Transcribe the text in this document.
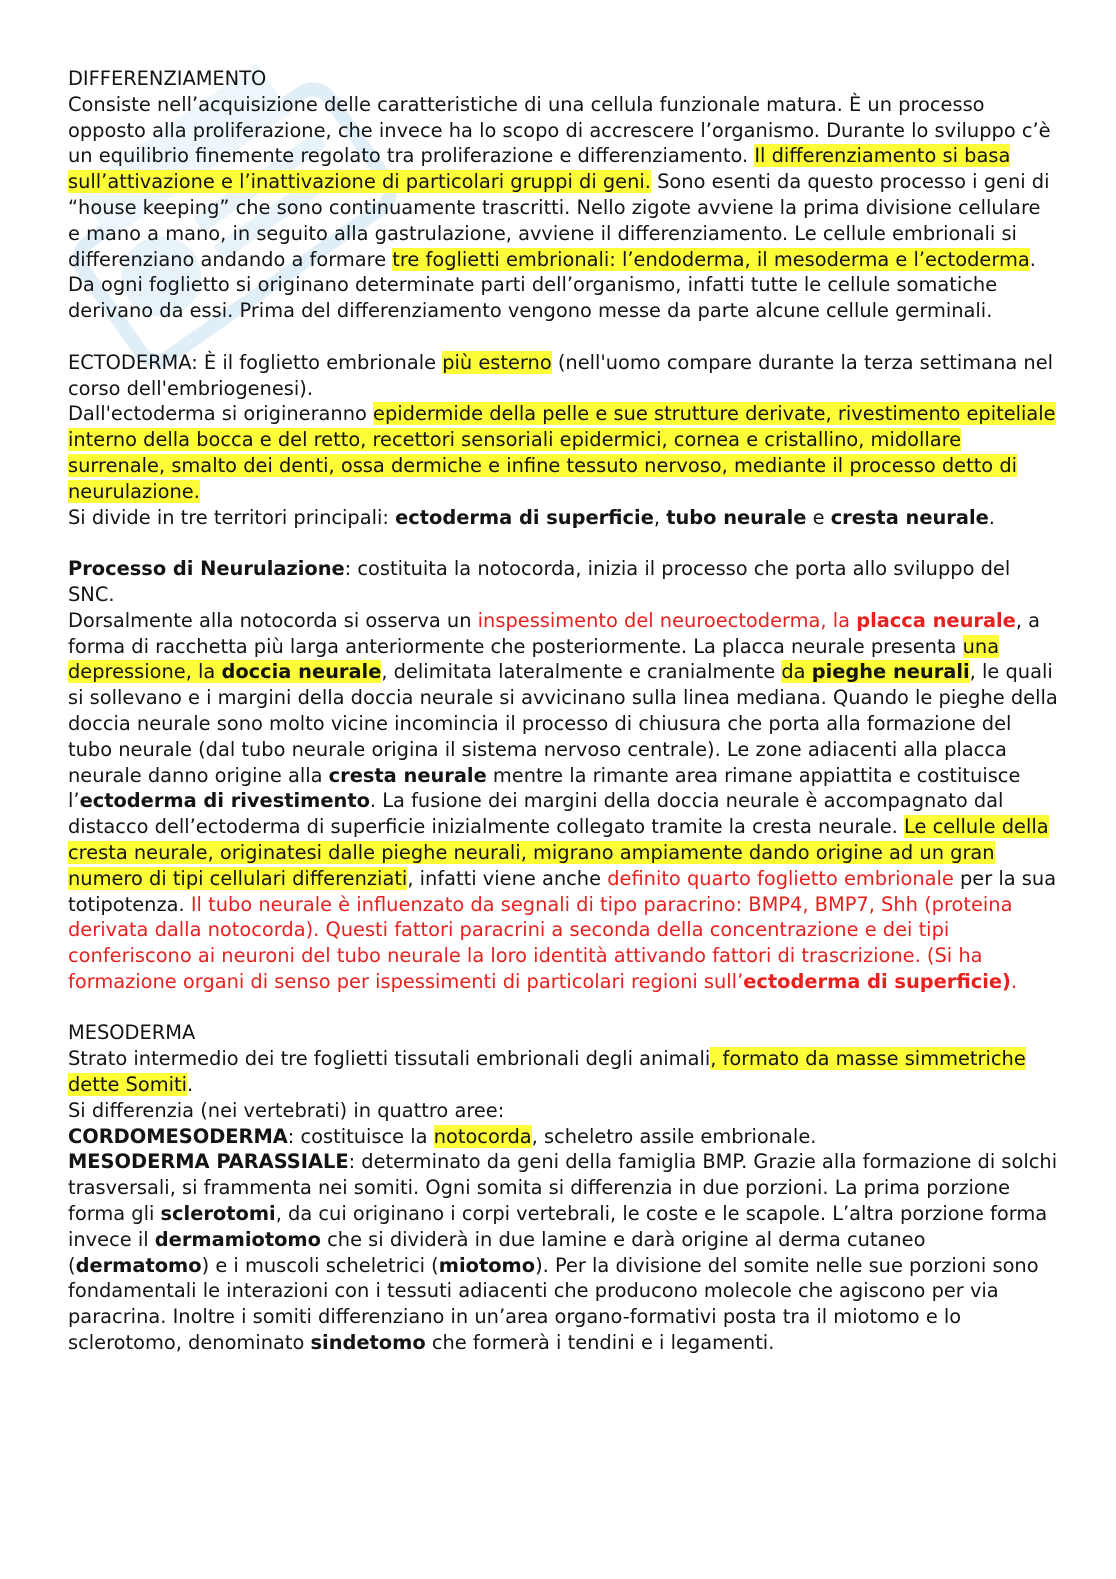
DIFFERENZIAMENTO

Consiste nell’acquisizione delle caratteristiche di una cellula funzionale matura. È un processo opposto alla proliferazione, che invece ha lo scopo di accrescere l’organismo. Durante lo sviluppo c’è un equilibrio finemente regolato tra proliferazione e differenziamento. Il differenziamento si basa sull’attivazione e l’inattivazione di particolari gruppi di geni. Sono esenti da questo processo i geni di “house keeping” che sono continuamente trascritti. Nello zigote avviene la prima divisione cellulare e mano a mano, in seguito alla gastrulazione, avviene il differenziamento. Le cellule embrionali si differenziano andando a formare tre foglietti embrionali: l’endoderma, il mesoderma e l’ectoderma. Da ogni foglietto si originano determinate parti dell’organismo, infatti tutte le cellule somatiche derivano da essi. Prima del differenziamento vengono messe da parte alcune cellule germinali.

ECTODERMA: È il foglietto embrionale più esterno (nell'uomo compare durante la terza settimana nel corso dell'embriogenesi).

Dall'ectoderma si origineranno epidermide della pelle e sue strutture derivate, rivestimento epiteliale interno della bocca e del retto, recettori sensoriali epidermici, cornea e cristallino, midollare surrenale, smalto dei denti, ossa dermiche e infine tessuto nervoso, mediante il processo detto di neurulazione.

Si divide in tre territori principali: ectoderma di superficie, tubo neurale e cresta neurale.

Processo di Neurulazione: costituita la notocorda, inizia il processo che porta allo sviluppo del SNC.

Dorsalmente alla notocorda si osserva un inspessimento del neuroectoderma, la placca neurale, a forma di racchetta più larga anteriormente che posteriormente. La placca neurale presenta una depressione, la doccia neurale, delimitata lateralmente e cranialmente da pieghe neurali, le quali si sollevano e i margini della doccia neurale si avvicinano sulla linea mediana. Quando le pieghe della doccia neurale sono molto vicine incomincia il processo di chiusura che porta alla formazione del tubo neurale (dal tubo neurale origina il sistema nervoso centrale). Le zone adiacenti alla placca neurale danno origine alla cresta neurale mentre la rimante area rimane appiattita e costituisce l’ectoderma di rivestimento. La fusione dei margini della doccia neurale è accompagnato dal distacco dell’ectoderma di superficie inizialmente collegato tramite la cresta neurale. Le cellule della cresta neurale, originatesi dalle pieghe neurali, migrano ampiamente dando origine ad un gran numero di tipi cellulari differenziati, infatti viene anche definito quarto foglietto embrionale per la sua totipotenza. Il tubo neurale è influenzato da segnali di tipo paracrino: BMP4, BMP7, Shh (proteina derivata dalla notocorda). Questi fattori paracrini a seconda della concentrazione e dei tipi conferiscono ai neuroni del tubo neurale la loro identità attivando fattori di trascrizione. (Si ha formazione organi di senso per ispessimenti di particolari regioni sull’ectoderma di superficie).

MESODERMA

Strato intermedio dei tre foglietti tissutali embrionali degli animali, formato da masse simmetriche dette Somiti.

Si differenzia (nei vertebrati) in quattro aree:

CORDOMESODERMA: costituisce la notocorda, scheletro assile embrionale.

MESODERMA PARASSIALE: determinato da geni della famiglia BMP. Grazie alla formazione di solchi trasversali, si frammenta nei somiti. Ogni somita si differenzia in due porzioni. La prima porzione forma gli sclerotomi, da cui originano i corpi vertebrali, le coste e le scapole. L’altra porzione forma invece il dermamiotomo che si dividerà in due lamine e darà origine al derma cutaneo (dermatomo) e i muscoli scheletrici (miotomo). Per la divisione del somite nelle sue porzioni sono fondamentali le interazioni con i tessuti adiacenti che producono molecole che agiscono per via paracrina. Inoltre i somiti differenziano in un’area organo-formativi posta tra il miotomo e lo sclerotomo, denominato sindetomo che formerà i tendini e i legamenti.
